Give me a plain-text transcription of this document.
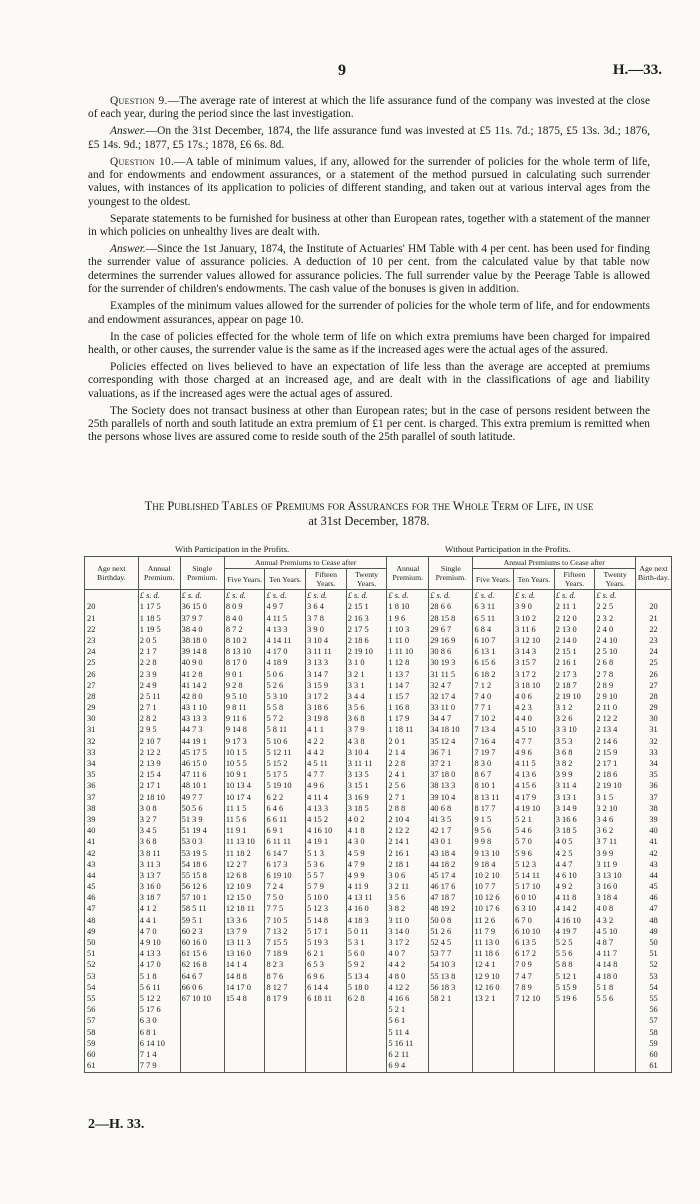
9	H.—33.

Question 9.—The average rate of interest at which the life assurance fund of the company was invested at the close of each year, during the period since the last investigation.

Answer.—On the 31st December, 1874, the life assurance fund was invested at £5 11s. 7d.; 1875, £5 13s. 3d.; 1876, £5 14s. 9d.; 1877, £5 17s.; 1878, £6 6s. 8d.

Question 10.—A table of minimum values, if any, allowed for the surrender of policies for the whole term of life, and for endowments and endowment assurances, or a statement of the method pursued in calculating such surrender values, with instances of its application to policies of different standing, and taken out at various interval ages from the youngest to the oldest.

Separate statements to be furnished for business at other than European rates, together with a statement of the manner in which policies on unhealthy lives are dealt with.

Answer.—Since the 1st January, 1874, the Institute of Actuaries' HM Table with 4 per cent. has been used for finding the surrender value of assurance policies. A deduction of 10 per cent. from the calculated value by that table now determines the surrender values allowed for assurance policies. The full surrender value by the Peerage Table is allowed for the surrender of children's endowments. The cash value of the bonuses is given in addition.

Examples of the minimum values allowed for the surrender of policies for the whole term of life, and for endowments and endowment assurances, appear on page 10.

In the case of policies effected for the whole term of life on which extra premiums have been charged for impaired health, or other causes, the surrender value is the same as if the increased ages were the actual ages of the assured.

Policies effected on lives believed to have an expectation of life less than the average are accepted at premiums corresponding with those charged at an increased age, and are dealt with in the classifications of age and liability valuations, as if the increased ages were the actual ages of assured.

The Society does not transact business at other than European rates; but in the case of persons resident between the 25th parallels of north and south latitude an extra premium of £1 per cent. is charged. This extra premium is remitted when the persons whose lives are assured come to reside south of the 25th parallel of south latitude.

The Published Tables of Premiums for Assurances for the Whole Term of Life, in use
at 31st December, 1878.
With Participation in the Profits.	Without Participation in the Profits.
Age next Birthday.	Annual Premium.	Single Premium.	Annual Premiums to Cease after				Annual Premium.	Single Premium.	Annual Premiums to Cease after				Age next Birth-day.
			Five Years.	Ten Years.	Fifteen Years.	Twenty Years.			Five Years.	Ten Years.	Fifteen Years.	Twenty Years.	
	£ s. d.	£ s. d.	£ s. d.	£ s. d.	£ s. d.	£ s. d.	£ s. d.	£ s. d.	£ s. d.	£ s. d.	£ s. d.	£ s. d.	
20	1 17 5	36 15 0	8 0 9	4 9 7	3 6 4	2 15 1	1 8 10	28 6 6	6 3 11	3 9 0	2 11 1	2 2 5	20
21	1 18 5	37 9 7	8 4 0	4 11 5	3 7 8	2 16 3	1 9 6	28 15 8	6 5 11	3 10 2	2 12 0	2 3 2	21
22	1 19 5	38 4 0	8 7 2	4 13 3	3 9 0	2 17 5	1 10 3	29 6 7	6 8 4	3 11 6	2 13 0	2 4 0	22
23	2 0 5	38 18 0	8 10 2	4 14 11	3 10 4	2 18 6	1 11 0	29 16 9	6 10 7	3 12 10	2 14 0	2 4 10	23
24	2 1 7	39 14 8	8 13 10	4 17 0	3 11 11	2 19 10	1 11 10	30 8 6	6 13 1	3 14 3	2 15 1	2 5 10	24
25	2 2 8	40 9 0	8 17 0	4 18 9	3 13 3	3 1 0	1 12 8	30 19 3	6 15 6	3 15 7	2 16 1	2 6 8	25
26	2 3 9	41 2 8	9 0 1	5 0 6	3 14 7	3 2 1	1 13 7	31 11 5	6 18 2	3 17 2	2 17 3	2 7 8	26
27	2 4 9	41 14 2	9 2 8	5 2 6	3 15 9	3 3 1	1 14 7	32 4 7	7 1 2	3 18 10	2 18 7	2 8 9	27
28	2 5 11	42 8 0	9 5 10	5 3 10	3 17 2	3 4 4	1 15 7	32 17 4	7 4 0	4 0 6	2 19 10	2 9 10	28
29	2 7 1	43 1 10	9 8 11	5 5 8	3 18 6	3 5 6	1 16 8	33 11 0	7 7 1	4 2 3	3 1 2	2 11 0	29
30	2 8 2	43 13 3	9 11 6	5 7 2	3 19 8	3 6 8	1 17 9	34 4 7	7 10 2	4 4 0	3 2 6	2 12 2	30
31	2 9 5	44 7 3	9 14 8	5 8 11	4 1 1	3 7 9	1 18 11	34 18 10	7 13 4	4 5 10	3 3 10	2 13 4	31
32	2 10 7	44 19 1	9 17 3	5 10 6	4 2 2	4 3 8	2 0 1	35 12 4	7 16 4	4 7 7	3 5 3	2 14 6	32
33	2 12 2	45 17 5	10 1 5	5 12 11	4 4 2	3 10 4	2 1 4	36 7 1	7 19 7	4 9 6	3 6 8	2 15 9	33
34	2 13 9	46 15 0	10 5 5	5 15 2	4 5 11	3 11 11	2 2 8	37 2 1	8 3 0	4 11 5	3 8 2	2 17 1	34
35	2 15 4	47 11 6	10 9 1	5 17 5	4 7 7	3 13 5	2 4 1	37 18 0	8 6 7	4 13 6	3 9 9	2 18 6	35
36	2 17 1	48 10 1	10 13 4	5 19 10	4 9 6	3 15 1	2 5 6	38 13 3	8 10 1	4 15 6	3 11 4	2 19 10	36
37	2 18 10	49 7 7	10 17 4	6 2 2	4 11 4	3 16 9	2 7 1	39 10 4	8 13 11	4 17 9	3 13 1	3 1 5	37
38	3 0 8	50 5 6	11 1 5	6 4 6	4 13 3	3 18 5	2 8 8	40 6 8	8 17 7	4 19 10	3 14 9	3 2 10	38
39	3 2 7	51 3 9	11 5 6	6 6 11	4 15 2	4 0 2	2 10 4	41 3 5	9 1 5	5 2 1	3 16 6	3 4 6	39
40	3 4 5	51 19 4	11 9 1	6 9 1	4 16 10	4 1 8	2 12 2	42 1 7	9 5 6	5 4 6	3 18 5	3 6 2	40
41	3 6 8	53 0 3	11 13 10	6 11 11	4 19 1	4 3 0	2 14 1	43 0 1	9 9 8	5 7 0	4 0 5	3 7 11	41
42	3 8 11	53 19 5	11 18 2	6 14 7	5 1 3	4 5 9	2 16 1	43 18 4	9 13 10	5 9 6	4 2 5	3 9 9	42
43	3 11 3	54 18 6	12 2 7	6 17 3	5 3 6	4 7 9	2 18 1	44 18 2	9 18 4	5 12 3	4 4 7	3 11 9	43
44	3 13 7	55 15 8	12 6 8	6 19 10	5 5 7	4 9 9	3 0 6	45 17 4	10 2 10	5 14 11	4 6 10	3 13 10	44
45	3 16 0	56 12 6	12 10 9	7 2 4	5 7 9	4 11 9	3 2 11	46 17 6	10 7 7	5 17 10	4 9 2	3 16 0	45
46	3 18 7	57 10 1	12 15 0	7 5 0	5 10 0	4 13 11	3 5 6	47 18 7	10 12 6	6 0 10	4 11 8	3 18 4	46
47	4 1 2	58 5 11	12 18 11	7 7 5	5 12 3	4 16 0	3 8 2	48 19 2	10 17 6	6 3 10	4 14 2	4 0 8	47
48	4 4 1	59 5 1	13 3 6	7 10 5	5 14 8	4 18 3	3 11 0	50 0 8	11 2 6	6 7 0	4 16 10	4 3 2	48
49	4 7 0	60 2 3	13 7 9	7 13 2	5 17 1	5 0 11	3 14 0	51 2 6	11 7 9	6 10 10	4 19 7	4 5 10	49
50	4 9 10	60 16 0	13 11 3	7 15 5	5 19 3	5 3 1	3 17 2	52 4 5	11 13 0	6 13 5	5 2 5	4 8 7	50
51	4 13 3	61 15 6	13 16 0	7 18 9	6 2 1	5 6 0	4 0 7	53 7 7	11 18 6	6 17 2	5 5 6	4 11 7	51
52	4 17 0	62 16 8	14 1 4	8 2 3	6 5 3	5 9 2	4 4 2	54 10 3	12 4 1	7 0 9	5 8 8	4 14 8	52
53	5 1 8	64 6 7	14 8 8	8 7 6	6 9 6	5 13 4	4 8 0	55 13 8	12 9 10	7 4 7	5 12 1	4 18 0	53
54	5 6 11	66 0 6	14 17 0	8 12 7	6 14 4	5 18 0	4 12 2	56 18 3	12 16 0	7 8 9	5 15 9	5 1 8	54
55	5 12 2	67 10 10	15 4 8	8 17 9	6 18 11	6 2 8	4 16 6	58 2 1	13 2 1	7 12 10	5 19 6	5 5 6	55
56	5 17 6						5 2 1						56
57	6 3 0						5 6 1						57
58	6 8 1						5 11 4						58
59	6 14 10						5 16 11						59
60	7 1 4						6 2 11						60
61	7 7 9						6 9 4						61
2—H. 33.
